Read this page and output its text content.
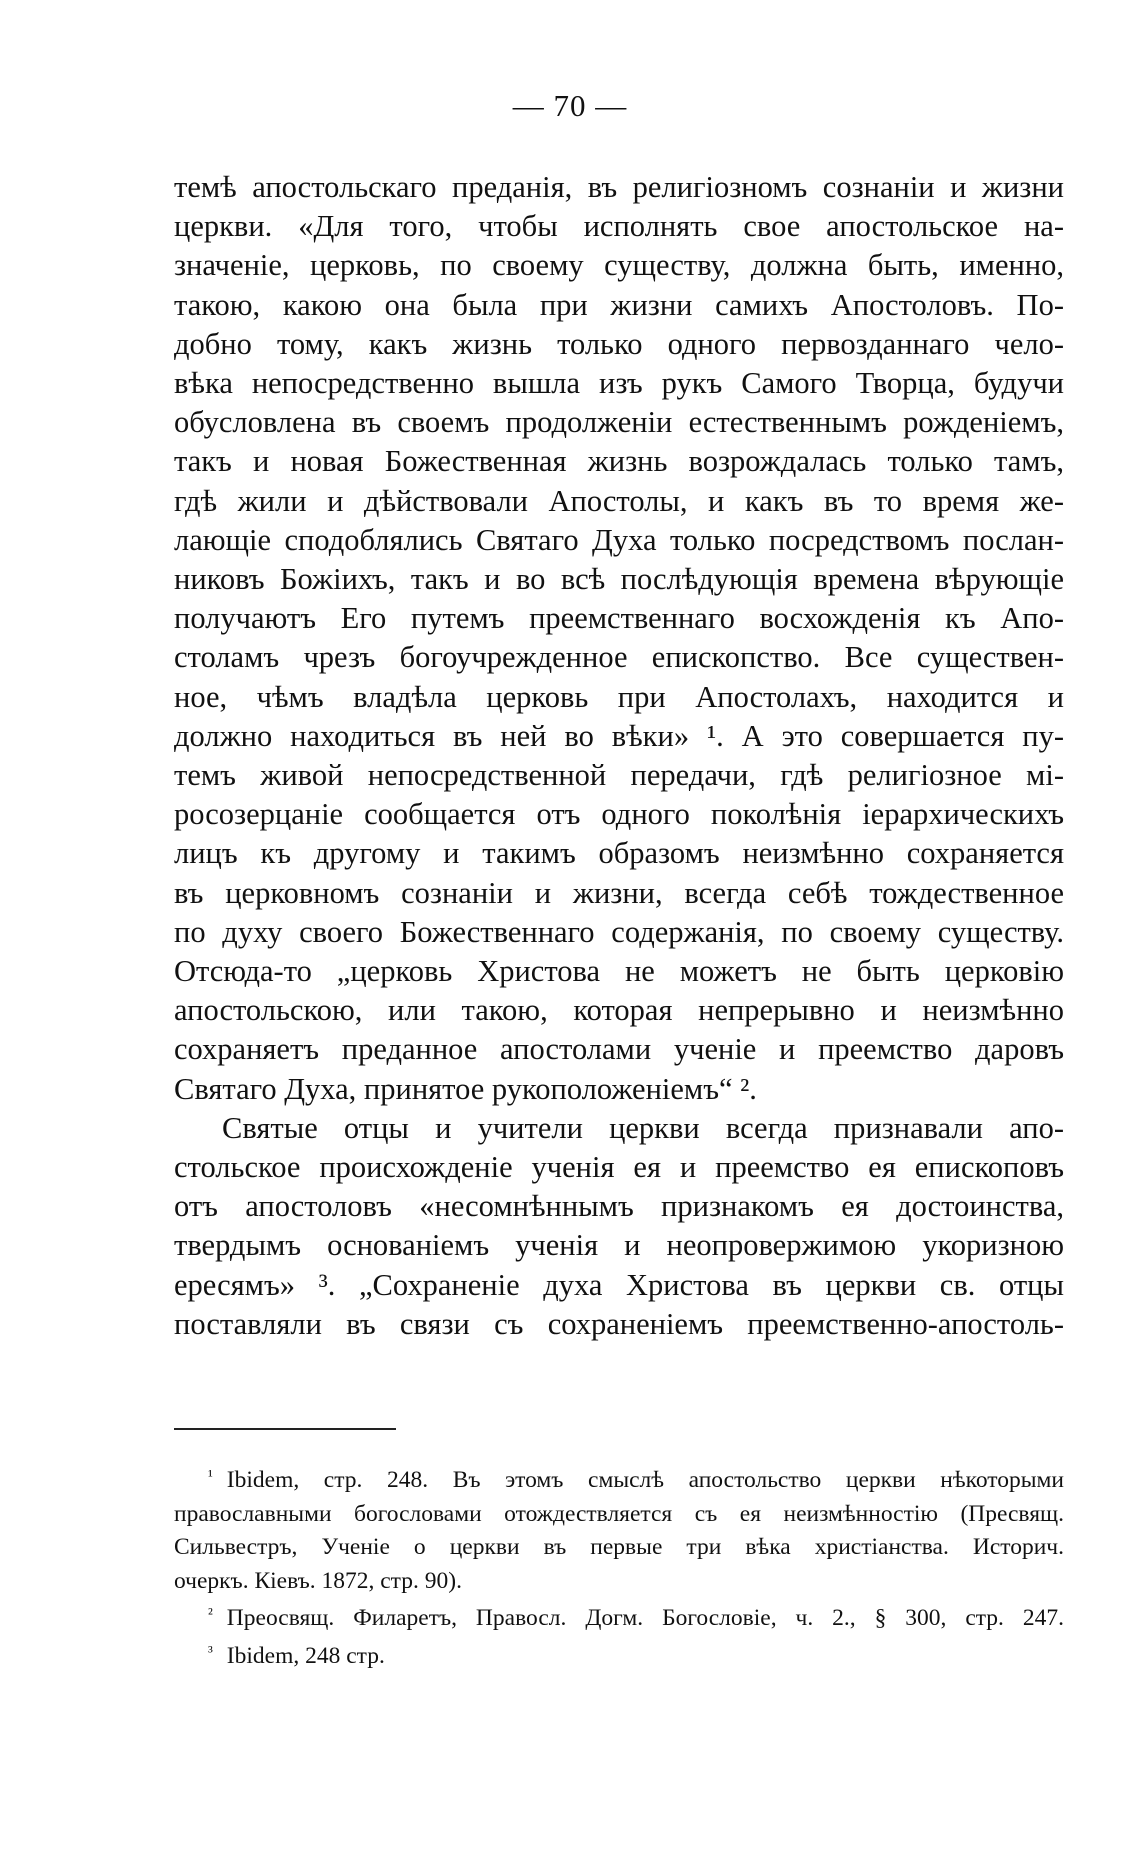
— 70 —
темѣ апостольскаго преданія, въ религіозномъ сознаніи и жизни
церкви. «Для того, чтобы исполнять свое апостольское на-
значеніе, церковь, по своему существу, должна быть, именно,
такою, какою она была при жизни самихъ Апостоловъ. По-
добно тому, какъ жизнь только одного первозданнаго чело-
вѣка непосредственно вышла изъ рукъ Самого Творца, будучи
обусловлена въ своемъ продолженіи естественнымъ рожденіемъ,
такъ и новая Божественная жизнь возрождалась только тамъ,
гдѣ жили и дѣйствовали Апостолы, и какъ въ то время же-
лающіе сподоблялись Святаго Духа только посредствомъ послан-
никовъ Божіихъ, такъ и во всѣ послѣдующія времена вѣрующіе
получаютъ Его путемъ преемственнаго восхожденія къ Апо-
столамъ чрезъ богоучрежденное епископство. Все существен-
ное, чѣмъ владѣла церковь при Апостолахъ, находится и
должно находиться въ ней во вѣки» ¹. А это совершается пу-
темъ живой непосредственной передачи, гдѣ религіозное мі-
росозерцаніе сообщается отъ одного поколѣнія іерархическихъ
лицъ къ другому и такимъ образомъ неизмѣнно сохраняется
въ церковномъ сознаніи и жизни, всегда себѣ тождественное
по духу своего Божественнаго содержанія, по своему существу.
Отсюда-то „церковь Христова не можетъ не быть церковію
апостольскою, или такою, которая непрерывно и неизмѣнно
сохраняетъ преданное апостолами ученіе и преемство даровъ
Святаго Духа, принятое рукоположеніемъ“ ².
Святые отцы и учители церкви всегда признавали апо-
стольское происхожденіе ученія ея и преемство ея епископовъ
отъ апостоловъ «несомнѣннымъ признакомъ ея достоинства,
твердымъ основаніемъ ученія и неопровержимою укоризною
ересямъ» ³. „Сохраненіе духа Христова въ церкви св. отцы
поставляли въ связи съ сохраненіемъ преемственно-апостоль-
$^{^1}$ Ibidem, стр. 248. Въ этомъ смыслѣ апостольство церкви нѣкоторыми
православными богословами отождествляется съ ея неизмѣнностію (Пресвящ.
Сильвестръ, Ученіе о церкви въ первые три вѣка христіанства. Историч.
очеркъ. Кіевъ. 1872, стр. 90).
$^{^2}$ Преосвящ. Филаретъ, Правосл. Догм. Богословіе, ч. 2., § 300, стр. 247.
$^{^3}$ Ibidem, 248 стр.
